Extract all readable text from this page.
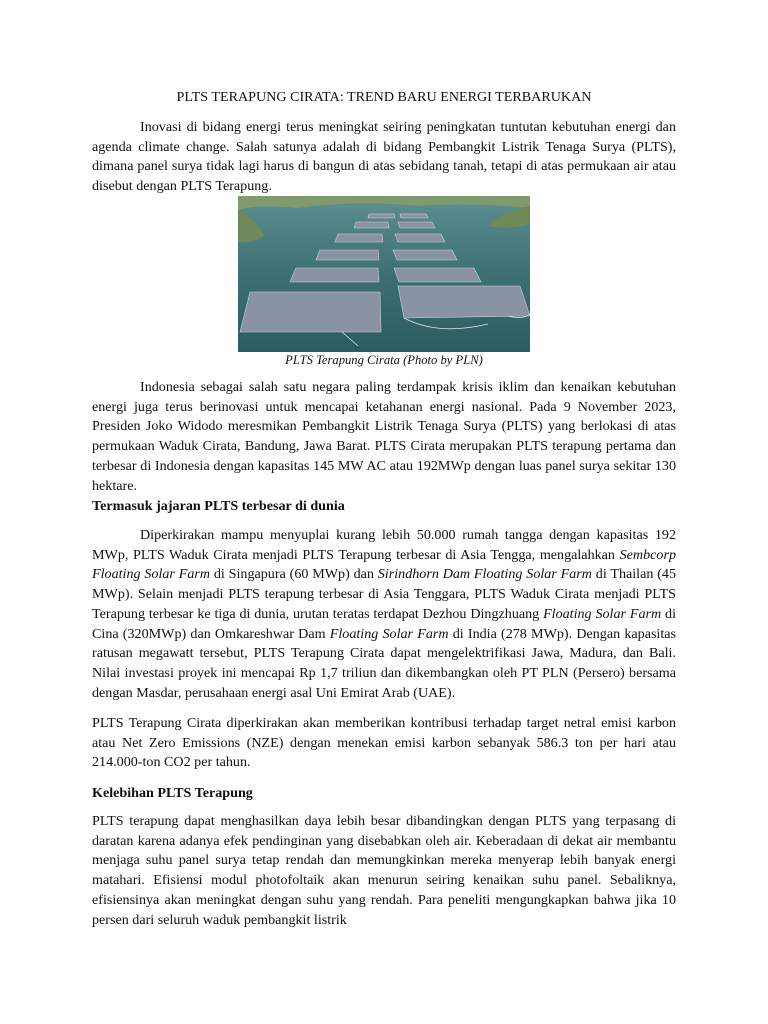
PLTS TERAPUNG CIRATA: TREND BARU ENERGI TERBARUKAN

Inovasi di bidang energi terus meningkat seiring peningkatan tuntutan kebutuhan energi dan agenda climate change. Salah satunya adalah di bidang Pembangkit Listrik Tenaga Surya (PLTS), dimana panel surya tidak lagi harus di bangun di atas sebidang tanah, tetapi di atas permukaan air atau disebut dengan PLTS Terapung.

PLTS Terapung Cirata (Photo by PLN)

Indonesia sebagai salah satu negara paling terdampak krisis iklim dan kenaikan kebutuhan energi juga terus berinovasi untuk mencapai ketahanan energi nasional. Pada 9 November 2023, Presiden Joko Widodo meresmikan Pembangkit Listrik Tenaga Surya (PLTS) yang berlokasi di atas permukaan Waduk Cirata, Bandung, Jawa Barat. PLTS Cirata merupakan PLTS terapung pertama dan terbesar di Indonesia dengan kapasitas 145 MW AC atau 192MWp dengan luas panel surya sekitar 130 hektare.

Termasuk jajaran PLTS terbesar di dunia

Diperkirakan mampu menyuplai kurang lebih 50.000 rumah tangga dengan kapasitas 192 MWp, PLTS Waduk Cirata menjadi PLTS Terapung terbesar di Asia Tengga, mengalahkan Sembcorp Floating Solar Farm di Singapura (60 MWp) dan Sirindhorn Dam Floating Solar Farm di Thailan (45 MWp). Selain menjadi PLTS terapung terbesar di Asia Tenggara, PLTS Waduk Cirata menjadi PLTS Terapung terbesar ke tiga di dunia, urutan teratas terdapat Dezhou Dingzhuang Floating Solar Farm di Cina (320MWp) dan Omkareshwar Dam Floating Solar Farm di India (278 MWp). Dengan kapasitas ratusan megawatt tersebut, PLTS Terapung Cirata dapat mengelektrifikasi Jawa, Madura, dan Bali. Nilai investasi proyek ini mencapai Rp 1,7 triliun dan dikembangkan oleh PT PLN (Persero) bersama dengan Masdar, perusahaan energi asal Uni Emirat Arab (UAE).

PLTS Terapung Cirata diperkirakan akan memberikan kontribusi terhadap target netral emisi karbon atau Net Zero Emissions (NZE) dengan menekan emisi karbon sebanyak 586.3 ton per hari atau 214.000-ton CO2 per tahun.

Kelebihan PLTS Terapung

PLTS terapung dapat menghasilkan daya lebih besar dibandingkan dengan PLTS yang terpasang di daratan karena adanya efek pendinginan yang disebabkan oleh air. Keberadaan di dekat air membantu menjaga suhu panel surya tetap rendah dan memungkinkan mereka menyerap lebih banyak energi matahari. Efisiensi modul photofoltaik akan menurun seiring kenaikan suhu panel. Sebaliknya, efisiensinya akan meningkat dengan suhu yang rendah. Para peneliti mengungkapkan bahwa jika 10 persen dari seluruh waduk pembangkit listrik
